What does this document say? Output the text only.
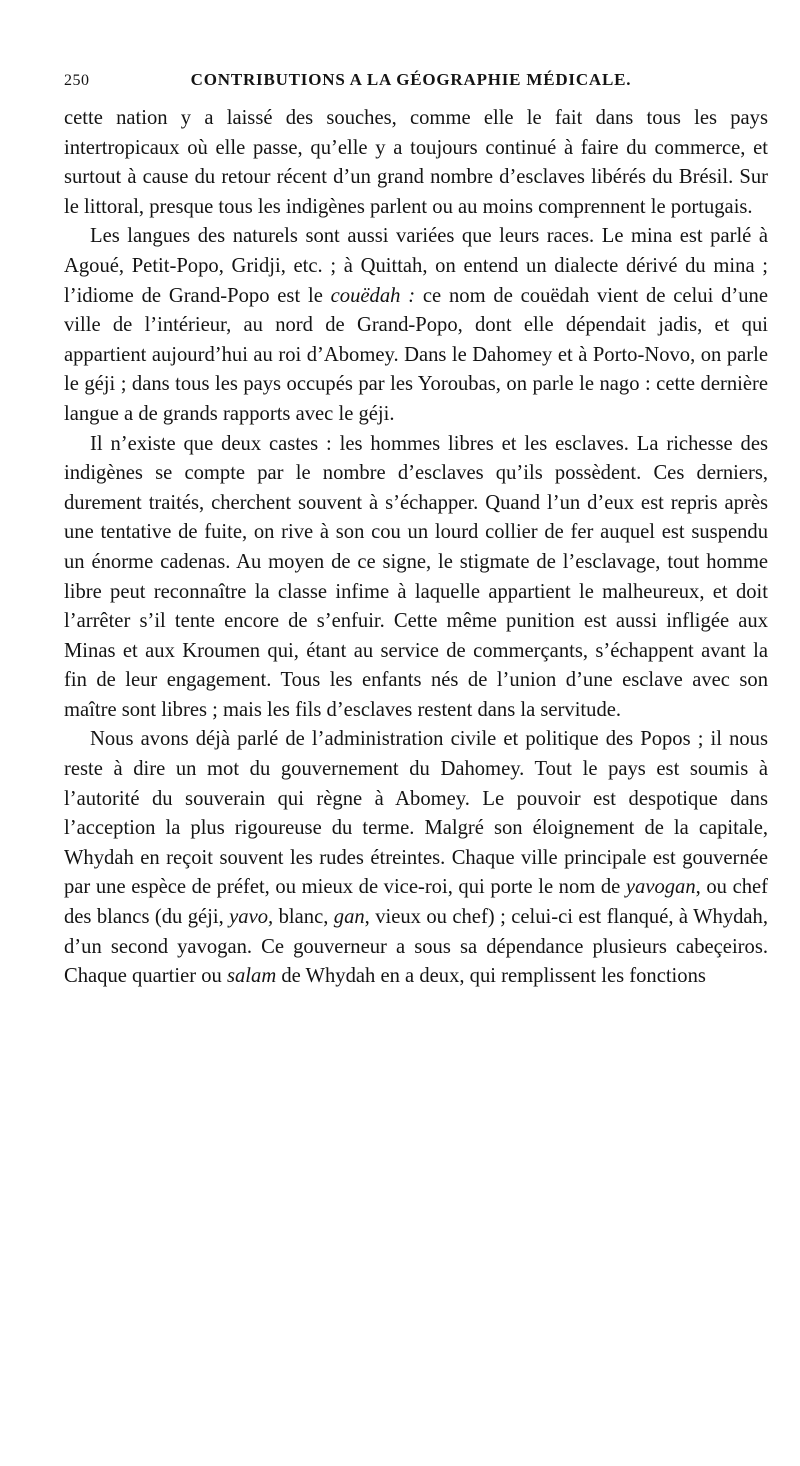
250	CONTRIBUTIONS A LA GÉOGRAPHIE MÉDICALE.

cette nation y a laissé des souches, comme elle le fait dans tous les pays intertropicaux où elle passe, qu’elle y a toujours continué à faire du commerce, et surtout à cause du retour récent d’un grand nombre d’esclaves libérés du Brésil. Sur le littoral, presque tous les indigènes parlent ou au moins comprennent le portugais.

Les langues des naturels sont aussi variées que leurs races. Le mina est parlé à Agoué, Petit-Popo, Gridji, etc. ; à Quittah, on entend un dialecte dérivé du mina ; l’idiome de Grand-Popo est le couëdah : ce nom de couëdah vient de celui d’une ville de l’intérieur, au nord de Grand-Popo, dont elle dépendait jadis, et qui appartient aujourd’hui au roi d’Abomey. Dans le Dahomey et à Porto-Novo, on parle le géji ; dans tous les pays occupés par les Yoroubas, on parle le nago : cette dernière langue a de grands rapports avec le géji.

Il n’existe que deux castes : les hommes libres et les esclaves. La richesse des indigènes se compte par le nombre d’esclaves qu’ils possèdent. Ces derniers, durement traités, cherchent souvent à s’échapper. Quand l’un d’eux est repris après une tentative de fuite, on rive à son cou un lourd collier de fer auquel est suspendu un énorme cadenas. Au moyen de ce signe, le stigmate de l’esclavage, tout homme libre peut reconnaître la classe infime à laquelle appartient le malheureux, et doit l’arrêter s’il tente encore de s’enfuir. Cette même punition est aussi infligée aux Minas et aux Kroumen qui, étant au service de commerçants, s’échappent avant la fin de leur engagement. Tous les enfants nés de l’union d’une esclave avec son maître sont libres ; mais les fils d’esclaves restent dans la servitude.

Nous avons déjà parlé de l’administration civile et politique des Popos ; il nous reste à dire un mot du gouvernement du Dahomey. Tout le pays est soumis à l’autorité du souverain qui règne à Abomey. Le pouvoir est despotique dans l’acception la plus rigoureuse du terme. Malgré son éloignement de la capitale, Whydah en reçoit souvent les rudes étreintes. Chaque ville principale est gouvernée par une espèce de préfet, ou mieux de vice-roi, qui porte le nom de yavogan, ou chef des blancs (du géji, yavo, blanc, gan, vieux ou chef) ; celui-ci est flanqué, à Whydah, d’un second yavogan. Ce gouverneur a sous sa dépendance plusieurs cabeçeiros. Chaque quartier ou salam de Whydah en a deux, qui remplissent les fonctions
